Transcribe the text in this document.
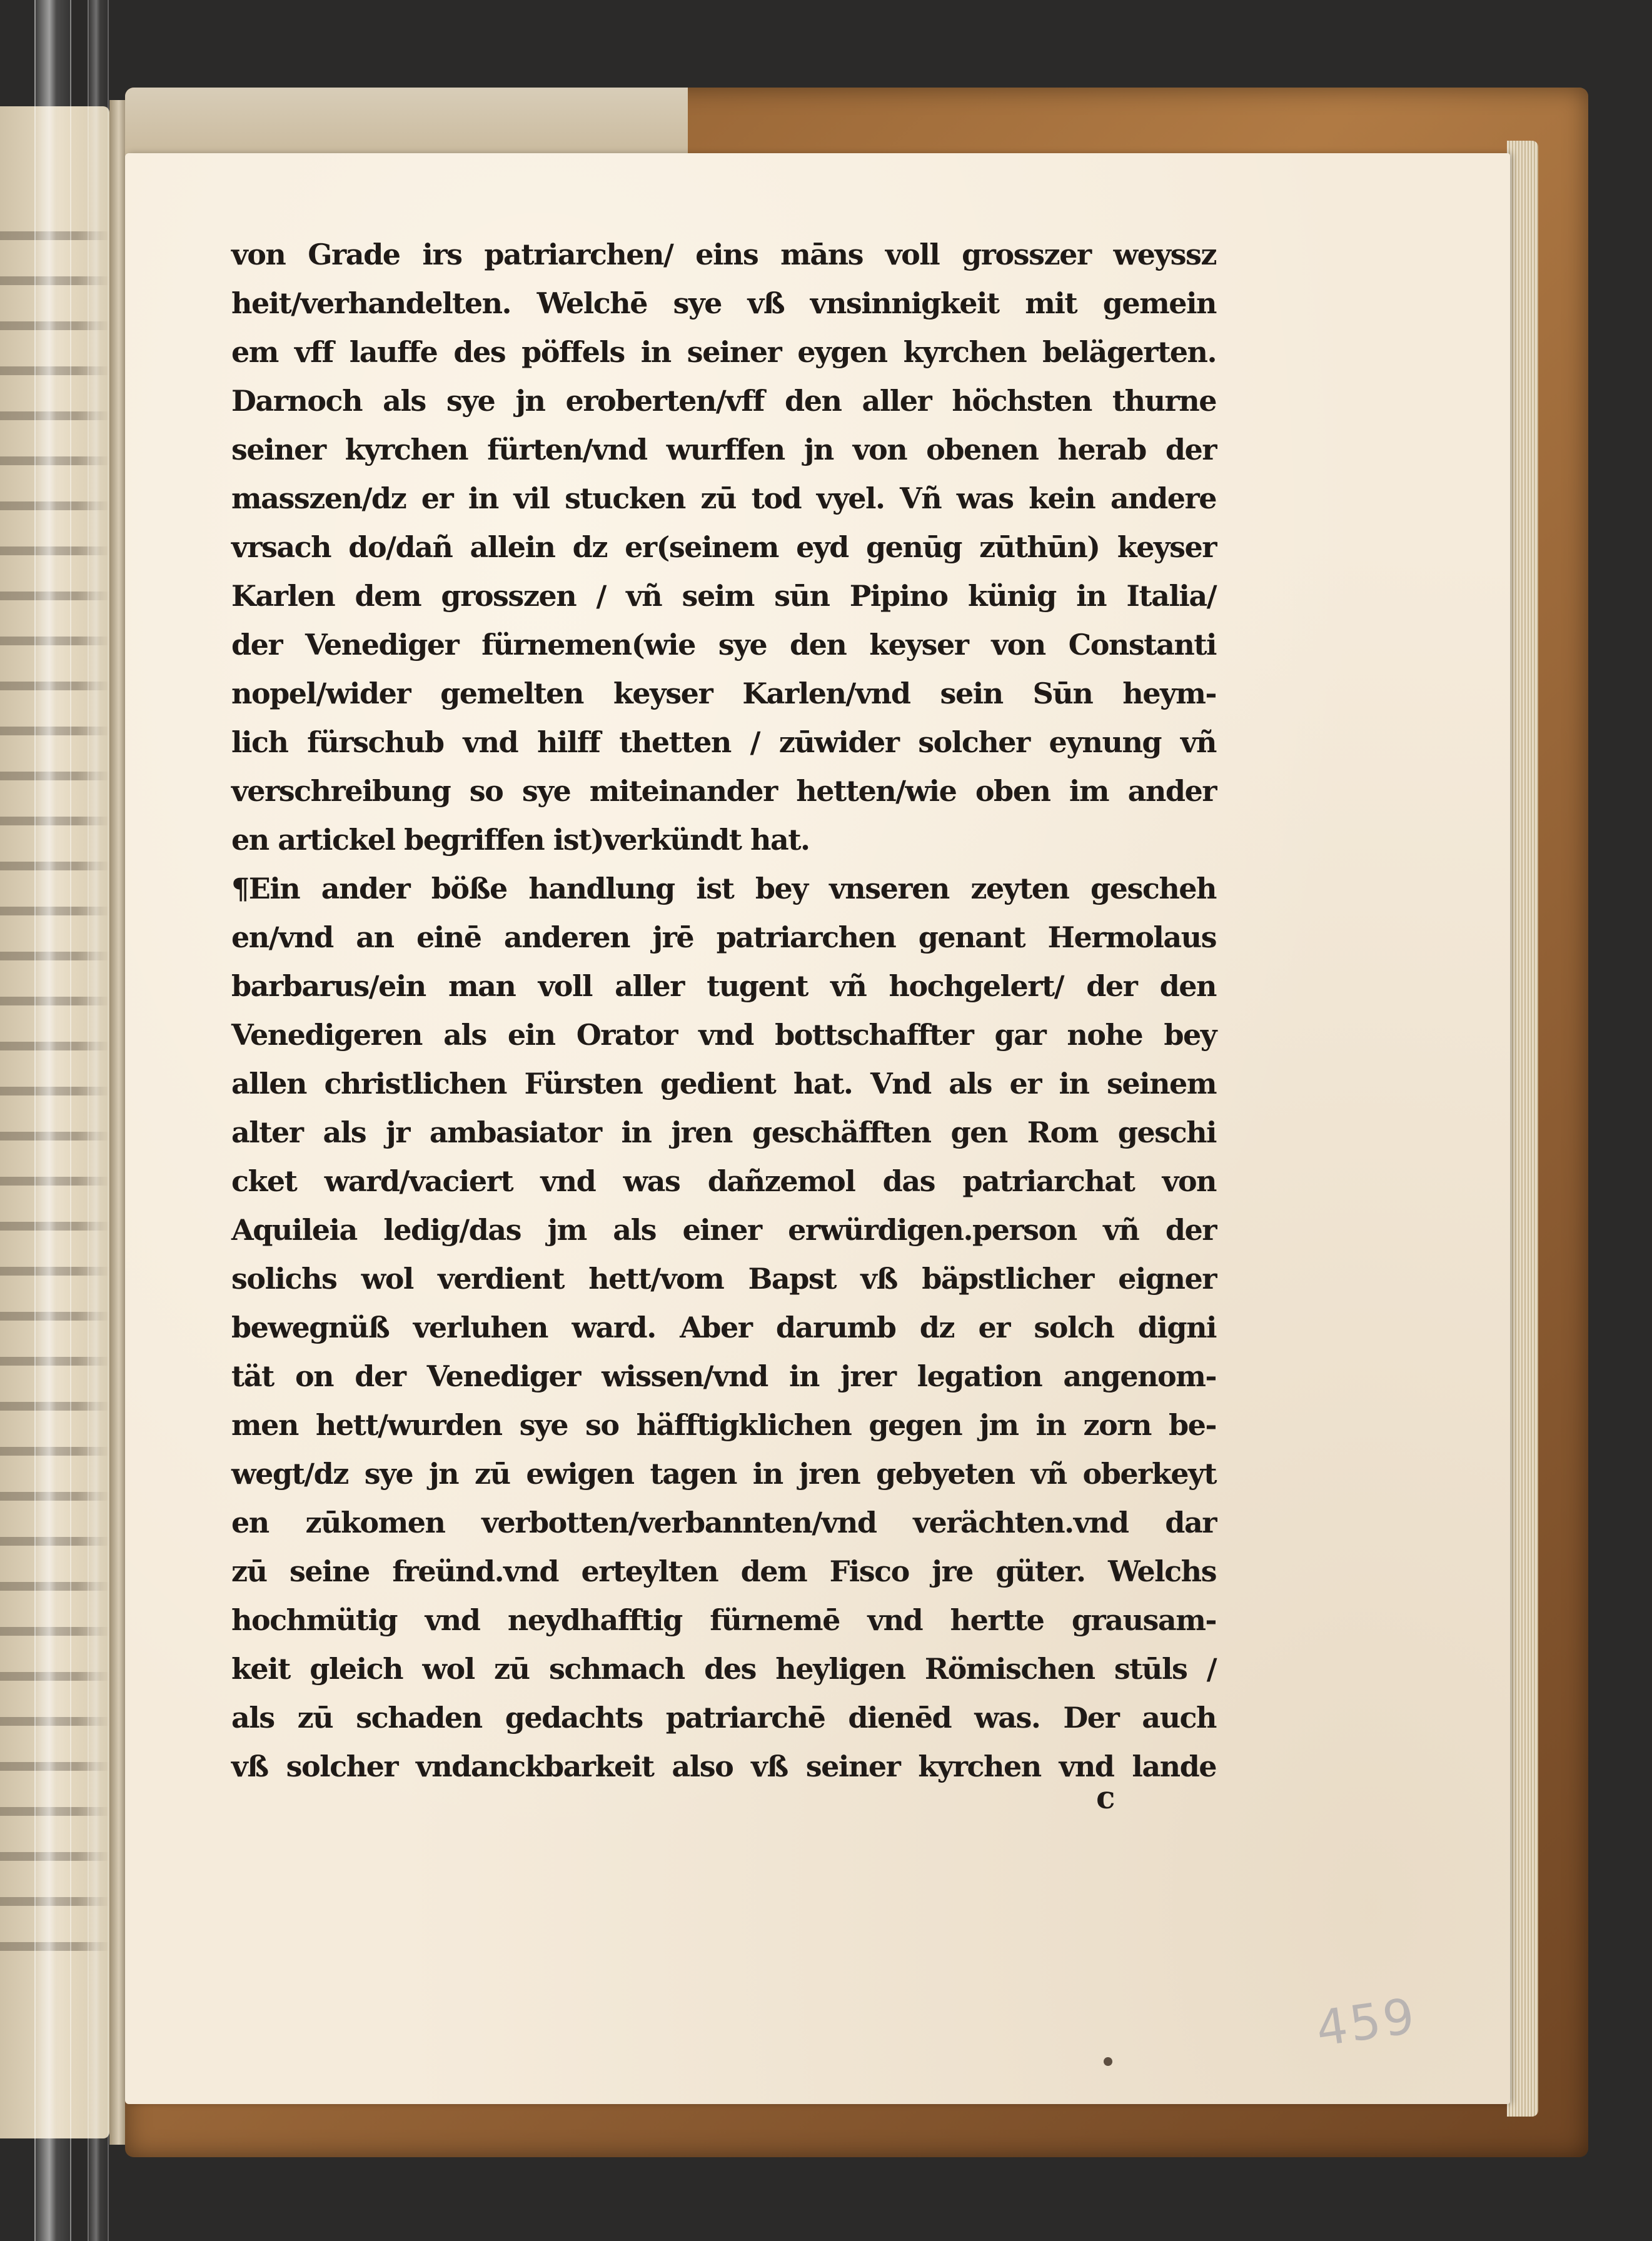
von Grade irs patriarchen/ eins māns voll grosszer weyssz
heit/verhandelten. Welchē sye vß vnsinnigkeit mit gemein
em vff lauffe des pöffels in seiner eygen kyrchen belägerten.
Darnoch als sye jn eroberten/vff den aller höchsten thurne
seiner kyrchen fürten/vnd wurffen jn von obenen herab der
masszen/dz er in vil stucken zū tod vyel. Vñ was kein andere
vrsach do/dañ allein dz er(seinem eyd genūg zūthūn) keyser
Karlen dem grosszen / vñ seim sūn Pipino künig in Italia/
der Venediger fürnemen(wie sye den keyser von Constanti
nopel/wider gemelten keyser Karlen/vnd sein Sūn heym-
lich fürschub vnd hilff thetten / zūwider solcher eynung vñ
verschreibung so sye miteinander hetten/wie oben im ander
en artickel begriffen ist)verkündt hat.
¶Ein ander böße handlung ist bey vnseren zeyten gescheh
en/vnd an einē anderen jrē patriarchen genant Hermolaus
barbarus/ein man voll aller tugent vñ hochgelert/ der den
Venedigeren als ein Orator vnd bottschaffter gar nohe bey
allen christlichen Fürsten gedient hat. Vnd als er in seinem
alter als jr ambasiator in jren geschäfften gen Rom geschi
cket ward/vaciert vnd was dañzemol das patriarchat von
Aquileia ledig/das jm als einer erwürdigen.person vñ der
solichs wol verdient hett/vom Bapst vß bäpstlicher eigner
bewegnüß verluhen ward. Aber darumb dz er solch digni
tät on der Venediger wissen/vnd in jrer legation angenom-
men hett/wurden sye so häfftigklichen gegen jm in zorn be-
wegt/dz sye jn zū ewigen tagen in jren gebyeten vñ oberkeyt
en zūkomen verbotten/verbannten/vnd verächten.vnd dar
zū seine freünd.vnd erteylten dem Fisco jre güter. Welchs
hochmütig vnd neydhafftig fürnemē vnd hertte grausam-
keit gleich wol zū schmach des heyligen Römischen stūls /
als zū schaden gedachts patriarchē dienēd was. Der auch
vß solcher vndanckbarkeit also vß seiner kyrchen vnd lande
c
459
